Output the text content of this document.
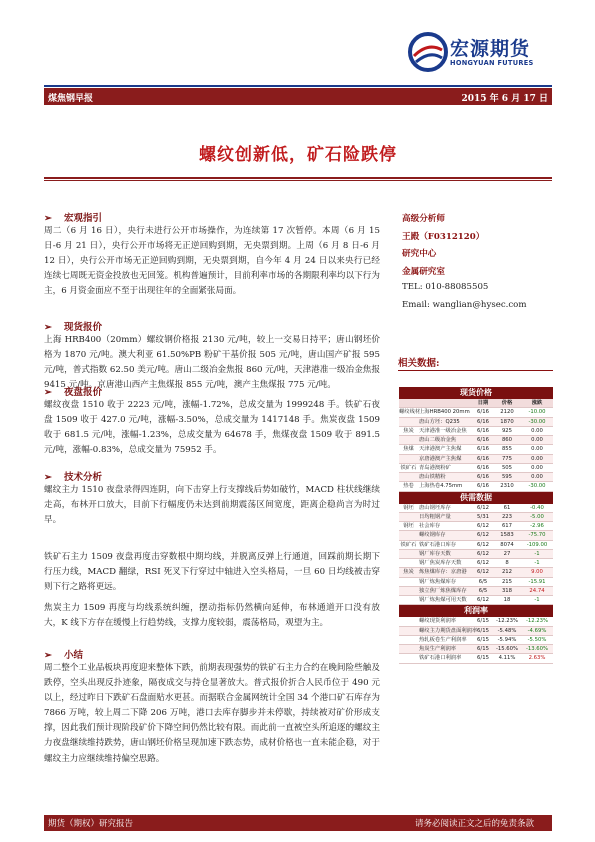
宏源期货
HONGYUAN FUTURES
煤焦钢早报	2015 年 6 月 17 日
螺纹创新低，矿石险跌停
➢ 宏观指引
周二（6 月 16 日），央行未进行公开市场操作，为连续第 17 次暂停。本周（6 月 15 日-6 月 21 日），央行公开市场将无正逆回购到期，无央票到期。上周（6 月 8 日-6 月 12 日），央行公开市场无正逆回购到期，无央票到期，自今年 4 月 24 日以来央行已经连续七周既无资金投放也无回笼。机构普遍预计，目前利率市场的各期限利率均以下行为主，6 月资金面应不至于出现往年的全面紧张局面。
➢ 现货报价
上海 HRB400（20mm）螺纹钢价格报 2130 元/吨，较上一交易日持平；唐山钢坯价格为 1870 元/吨。澳大利亚 61.50%PB 粉矿干基价报 505 元/吨，唐山国产矿报 595 元/吨，普式指数 62.50 美元/吨。唐山二级冶金焦报 860 元/吨，天津港准一级冶金焦报 9415 元/吨。京唐港山西产主焦煤报 855 元/吨，澳产主焦煤报 775 元/吨。
➢ 夜盘报价
螺纹夜盘 1510 收于 2223 元/吨，涨幅-1.72%，总成交量为 1999248 手。铁矿石夜盘 1509 收于 427.0 元/吨，涨幅-3.50%，总成交量为 1417148 手。焦炭夜盘 1509 收于 681.5 元/吨，涨幅-1.23%，总成交量为 64678 手，焦煤夜盘 1509 收于 891.5 元/吨，涨幅-0.83%，总成交量为 75952 手。
➢ 技术分析
螺纹主力 1510 夜盘录得四连阴，向下击穿上行支撑线后势如破竹，MACD 柱状线继续走高，布林开口放大，目前下行幅度仍未达到前期震荡区间宽度，距离企稳尚言为时过早。
铁矿石主力 1509 夜盘再度击穿数根中期均线，并脱离反弹上行通道，回踩前期长期下行压力线，MACD 翻绿，RSI 死叉下行穿过中轴进入空头格局，一旦 60 日均线被击穿则下行之路将更远。
焦炭主力 1509 再度与均线系统纠缠，摆动指标仍然横向延伸，布林通道开口没有放大，K 线下方存在缓慢上行趋势线，支撑力度较弱，震荡格局，观望为主。
➢ 小结
周二整个工业品板块再度迎来整体下跌，前期表现强势的铁矿石主力合约在晚间险些触及跌停，空头出现反扑迹象，隔夜成交与持仓显著放大。普式报价折合人民币位于 490 元以上，经过昨日下跌矿石盘面贴水更甚。而据联合金属网统计全国 34 个港口矿石库存为 7866 万吨，较上周二下降 206 万吨，港口去库存脚步并未停歇，持续被对矿价形成支撑，因此我们预计现阶段矿价下降空间仍然比较有限。而此前一直被空头所追逐的螺纹主力夜盘继续维持跌势，唐山钢坯价格呈现加速下跌态势，成材价格也一直未能企稳，对于螺纹主力应继续维持偏空思路。
高级分析师
王殿（F0312120）
研究中心
金属研究室
TEL: 010-88085505
Email: wanglian@hysec.com
相关数据:
现货价格
日期	价格	涨跌
螺纹线材
上海HRB400 20mm	6/16	2120	-10.00
唐山方坯：Q235	6/16	1870	-30.00
焦炭 天津港准一级冶金焦	6/16	925	0.00
唐山二级冶金焦	6/16	860	0.00
焦煤 天津港澳产主焦煤	6/16	855	0.00
京唐港澳产主焦煤	6/16	775	0.00
铁矿石 青岛港澳粉矿	6/16	505	0.00
唐山铁精粉	6/16	595	0.00
热卷 上海热卷4.75mm	6/16	2310	-30.00
供需数据
钢坯 唐山钢坯库存	6/12	61	-0.40
日均粗钢产量	5/31	223	-5.00
钢坯 社会库存	6/12	617	-2.96
螺纹钢库存	6/12	1583	-75.70
铁矿石 铁矿石港口库存	6/12	8074	-109.00
钢厂库存天数	6/12	27	-1
钢厂焦炭库存天数	6/12	8	-1
焦炭 炼焦煤库存：京唐港	6/12	212	9.00
钢厂炼焦煤库存	6/5	215	-15.91
独立焦厂炼焦煤库存	6/5	318	24.74
钢厂炼焦煤可用天数	6/12	18	-1
利润率
螺纹现货利润率	6/15	-12.23%	-12.23%
螺纹主力期货盘面利润率 6/15	-5.48%	-4.69%
热轧板卷生产利润率	6/15	-5.94%	-5.50%
焦炭生产利润率	6/15	-15.60%	-13.60%
铁矿石港口利润率	6/15	4.11%	2.63%
期货（期权）研究报告	请务必阅读正文之后的免责条款
